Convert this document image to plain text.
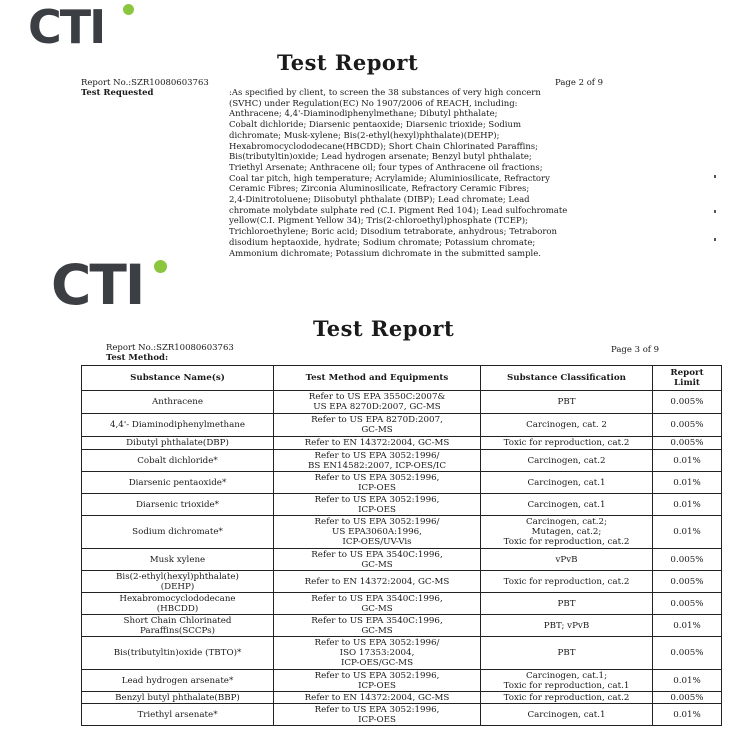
CTI
Test Report
Report No.:SZR10080603763	Page 2 of 9
Test Requested	:As specified by client, to screen the 38 substances of very high concern
(SVHC) under Regulation(EC) No 1907/2006 of REACH, including:
Anthracene; 4,4'-Diaminodiphenylmethane; Dibutyl phthalate;
Cobalt dichloride; Diarsenic pentaoxide; Diarsenic trioxide; Sodium
dichromate; Musk-xylene; Bis(2-ethyl(hexyl)phthalate)(DEHP);
Hexabromocyclododecane(HBCDD); Short Chain Chlorinated Paraffins;
Bis(tributyltin)oxide; Lead hydrogen arsenate; Benzyl butyl phthalate;
Triethyl Arsenate; Anthracene oil; four types of Anthracene oil fractions;
Coal tar pitch, high temperature; Acrylamide; Aluminiosilicate, Refractory
Ceramic Fibres; Zirconia Aluminosilicate, Refractory Ceramic Fibres;
2,4-Dinitrotoluene; Diisobutyl phthalate (DIBP); Lead chromate; Lead
chromate molybdate sulphate red (C.I. Pigment Red 104); Lead sulfochromate
yellow(C.I. Pigment Yellow 34); Tris(2-chloroethyl)phosphate (TCEP);
Trichloroethylene; Boric acid; Disodium tetraborate, anhydrous; Tetraboron
disodium heptaoxide, hydrate; Sodium chromate; Potassium chromate;
Ammonium dichromate; Potassium dichromate in the submitted sample.
CTI
Test Report
Report No.:SZR10080603763	Page 3 of 9
Test Method:
Substance Name(s)	Test Method and Equipments	Substance Classification	Report Limit
Anthracene	Refer to US EPA 3550C:2007&
US EPA 8270D:2007, GC-MS	PBT	0.005%
4,4'- Diaminodiphenylmethane	Refer to US EPA 8270D:2007,
GC-MS	Carcinogen, cat. 2	0.005%
Dibutyl phthalate(DBP)	Refer to EN 14372:2004, GC-MS	Toxic for reproduction, cat.2	0.005%
Cobalt dichloride*	Refer to US EPA 3052:1996/
BS EN14582:2007, ICP-OES/IC	Carcinogen, cat.2	0.01%
Diarsenic pentaoxide*	Refer to US EPA 3052:1996,
ICP-OES	Carcinogen, cat.1	0.01%
Diarsenic trioxide*	Refer to US EPA 3052:1996,
ICP-OES	Carcinogen, cat.1	0.01%
Sodium dichromate*	Refer to US EPA 3052:1996/
US EPA3060A:1996,
ICP-OES/UV-Vis	Carcinogen, cat.2;
Mutagen, cat.2;
Toxic for reproduction, cat.2	0.01%
Musk xylene	Refer to US EPA 3540C:1996,
GC-MS	vPvB	0.005%
Bis(2-ethyl(hexyl)phthalate)
(DEHP)	Refer to EN 14372:2004, GC-MS	Toxic for reproduction, cat.2	0.005%
Hexabromocyclododecane
(HBCDD)	Refer to US EPA 3540C:1996,
GC-MS	PBT	0.005%
Short Chain Chlorinated
Paraffins(SCCPs)	Refer to US EPA 3540C:1996,
GC-MS	PBT; vPvB	0.01%
Bis(tributyltin)oxide (TBTO)*	Refer to US EPA 3052:1996/
ISO 17353:2004,
ICP-OES/GC-MS	PBT	0.005%
Lead hydrogen arsenate*	Refer to US EPA 3052:1996,
ICP-OES	Carcinogen, cat.1;
Toxic for reproduction, cat.1	0.01%
Benzyl butyl phthalate(BBP)	Refer to EN 14372:2004, GC-MS	Toxic for reproduction, cat.2	0.005%
Triethyl arsenate*	Refer to US EPA 3052:1996,
ICP-OES	Carcinogen, cat.1	0.01%
